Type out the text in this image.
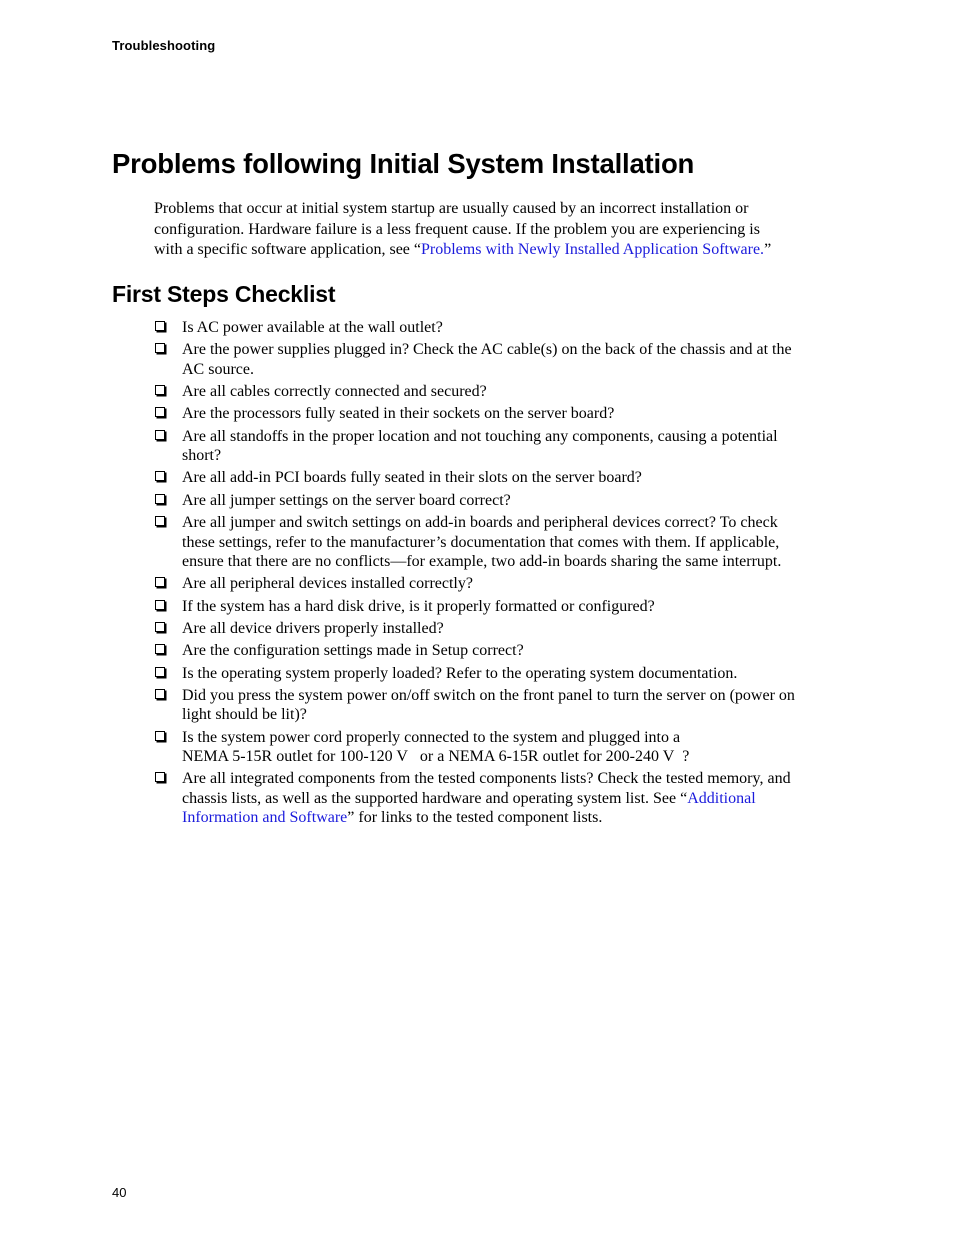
Troubleshooting
Problems following Initial System Installation

Problems that occur at initial system startup are usually caused by an incorrect installation or
configuration. Hardware failure is a less frequent cause. If the problem you are experiencing is
with a specific software application, see “Problems with Newly Installed Application Software.”

First Steps Checklist
Is AC power available at the wall outlet?
Are the power supplies plugged in? Check the AC cable(s) on the back of the chassis and at the
AC source.
Are all cables correctly connected and secured?
Are the processors fully seated in their sockets on the server board?
Are all standoffs in the proper location and not touching any components, causing a potential
short?
Are all add-in PCI boards fully seated in their slots on the server board?
Are all jumper settings on the server board correct?
Are all jumper and switch settings on add-in boards and peripheral devices correct? To check
these settings, refer to the manufacturer’s documentation that comes with them. If applicable,
ensure that there are no conflicts—for example, two add-in boards sharing the same interrupt.
Are all peripheral devices installed correctly?
If the system has a hard disk drive, is it properly formatted or configured?
Are all device drivers properly installed?
Are the configuration settings made in Setup correct?
Is the operating system properly loaded? Refer to the operating system documentation.
Did you press the system power on/off switch on the front panel to turn the server on (power on
light should be lit)?
Is the system power cord properly connected to the system and plugged into a
NEMA 5-15R outlet for 100-120 V   or a NEMA 6-15R outlet for 200-240 V  ?
Are all integrated components from the tested components lists? Check the tested memory, and
chassis lists, as well as the supported hardware and operating system list. See “Additional
Information and Software” for links to the tested component lists.
40
